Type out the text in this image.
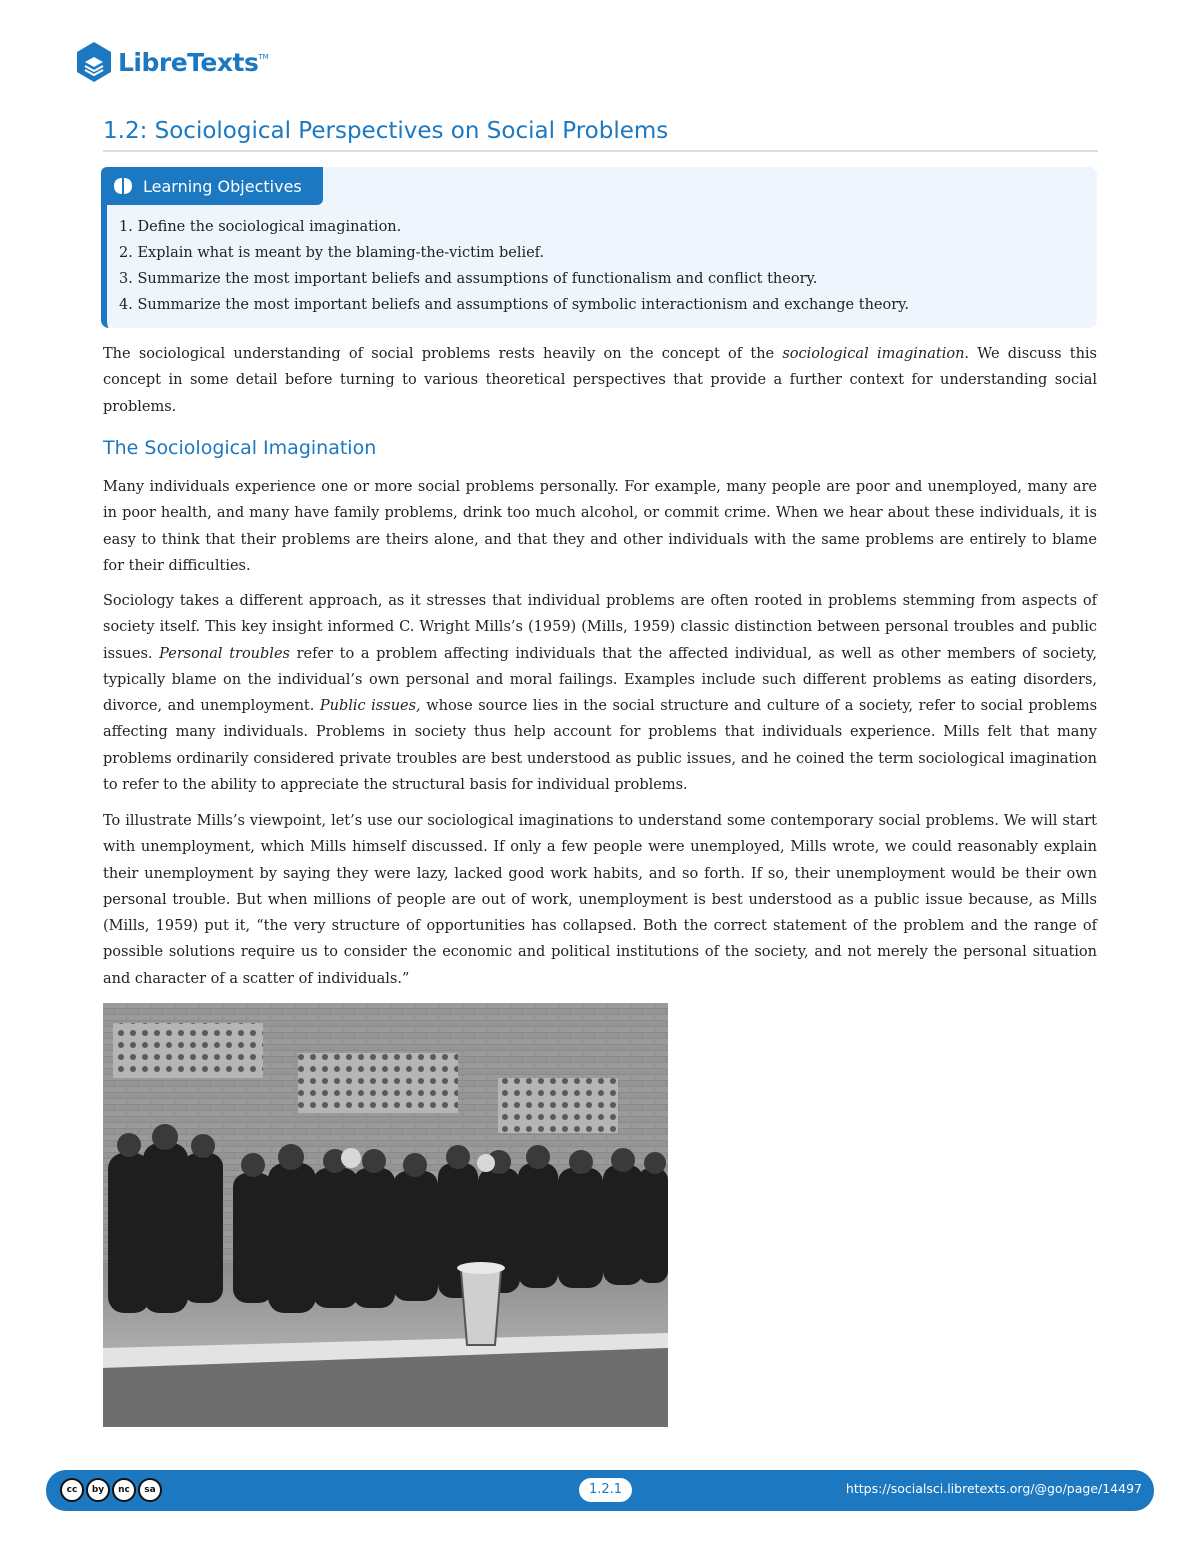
LibreTexts TM
1.2: Sociological Perspectives on Social Problems
Learning Objectives
1. Define the sociological imagination.
2. Explain what is meant by the blaming-the-victim belief.
3. Summarize the most important beliefs and assumptions of functionalism and conflict theory.
4. Summarize the most important beliefs and assumptions of symbolic interactionism and exchange theory.

The sociological understanding of social problems rests heavily on the concept of the sociological imagination. We discuss this concept in some detail before turning to various theoretical perspectives that provide a further context for understanding social problems.

The Sociological Imagination

Many individuals experience one or more social problems personally. For example, many people are poor and unemployed, many are in poor health, and many have family problems, drink too much alcohol, or commit crime. When we hear about these individuals, it is easy to think that their problems are theirs alone, and that they and other individuals with the same problems are entirely to blame for their difficulties.

Sociology takes a different approach, as it stresses that individual problems are often rooted in problems stemming from aspects of society itself. This key insight informed C. Wright Mills’s (1959) (Mills, 1959) classic distinction between personal troubles and public issues. Personal troubles refer to a problem affecting individuals that the affected individual, as well as other members of society, typically blame on the individual’s own personal and moral failings. Examples include such different problems as eating disorders, divorce, and unemployment. Public issues, whose source lies in the social structure and culture of a society, refer to social problems affecting many individuals. Problems in society thus help account for problems that individuals experience. Mills felt that many problems ordinarily considered private troubles are best understood as public issues, and he coined the term sociological imagination to refer to the ability to appreciate the structural basis for individual problems.

To illustrate Mills’s viewpoint, let’s use our sociological imaginations to understand some contemporary social problems. We will start with unemployment, which Mills himself discussed. If only a few people were unemployed, Mills wrote, we could reasonably explain their unemployment by saying they were lazy, lacked good work habits, and so forth. If so, their unemployment would be their own personal trouble. But when millions of people are out of work, unemployment is best understood as a public issue because, as Mills (Mills, 1959) put it, “the very structure of opportunities has collapsed. Both the correct statement of the problem and the range of possible solutions require us to consider the economic and political institutions of the society, and not merely the personal situation and character of a scatter of individuals.”

cc	by	nc	sa	1.2.1	https://socialsci.libretexts.org/@go/page/14497
